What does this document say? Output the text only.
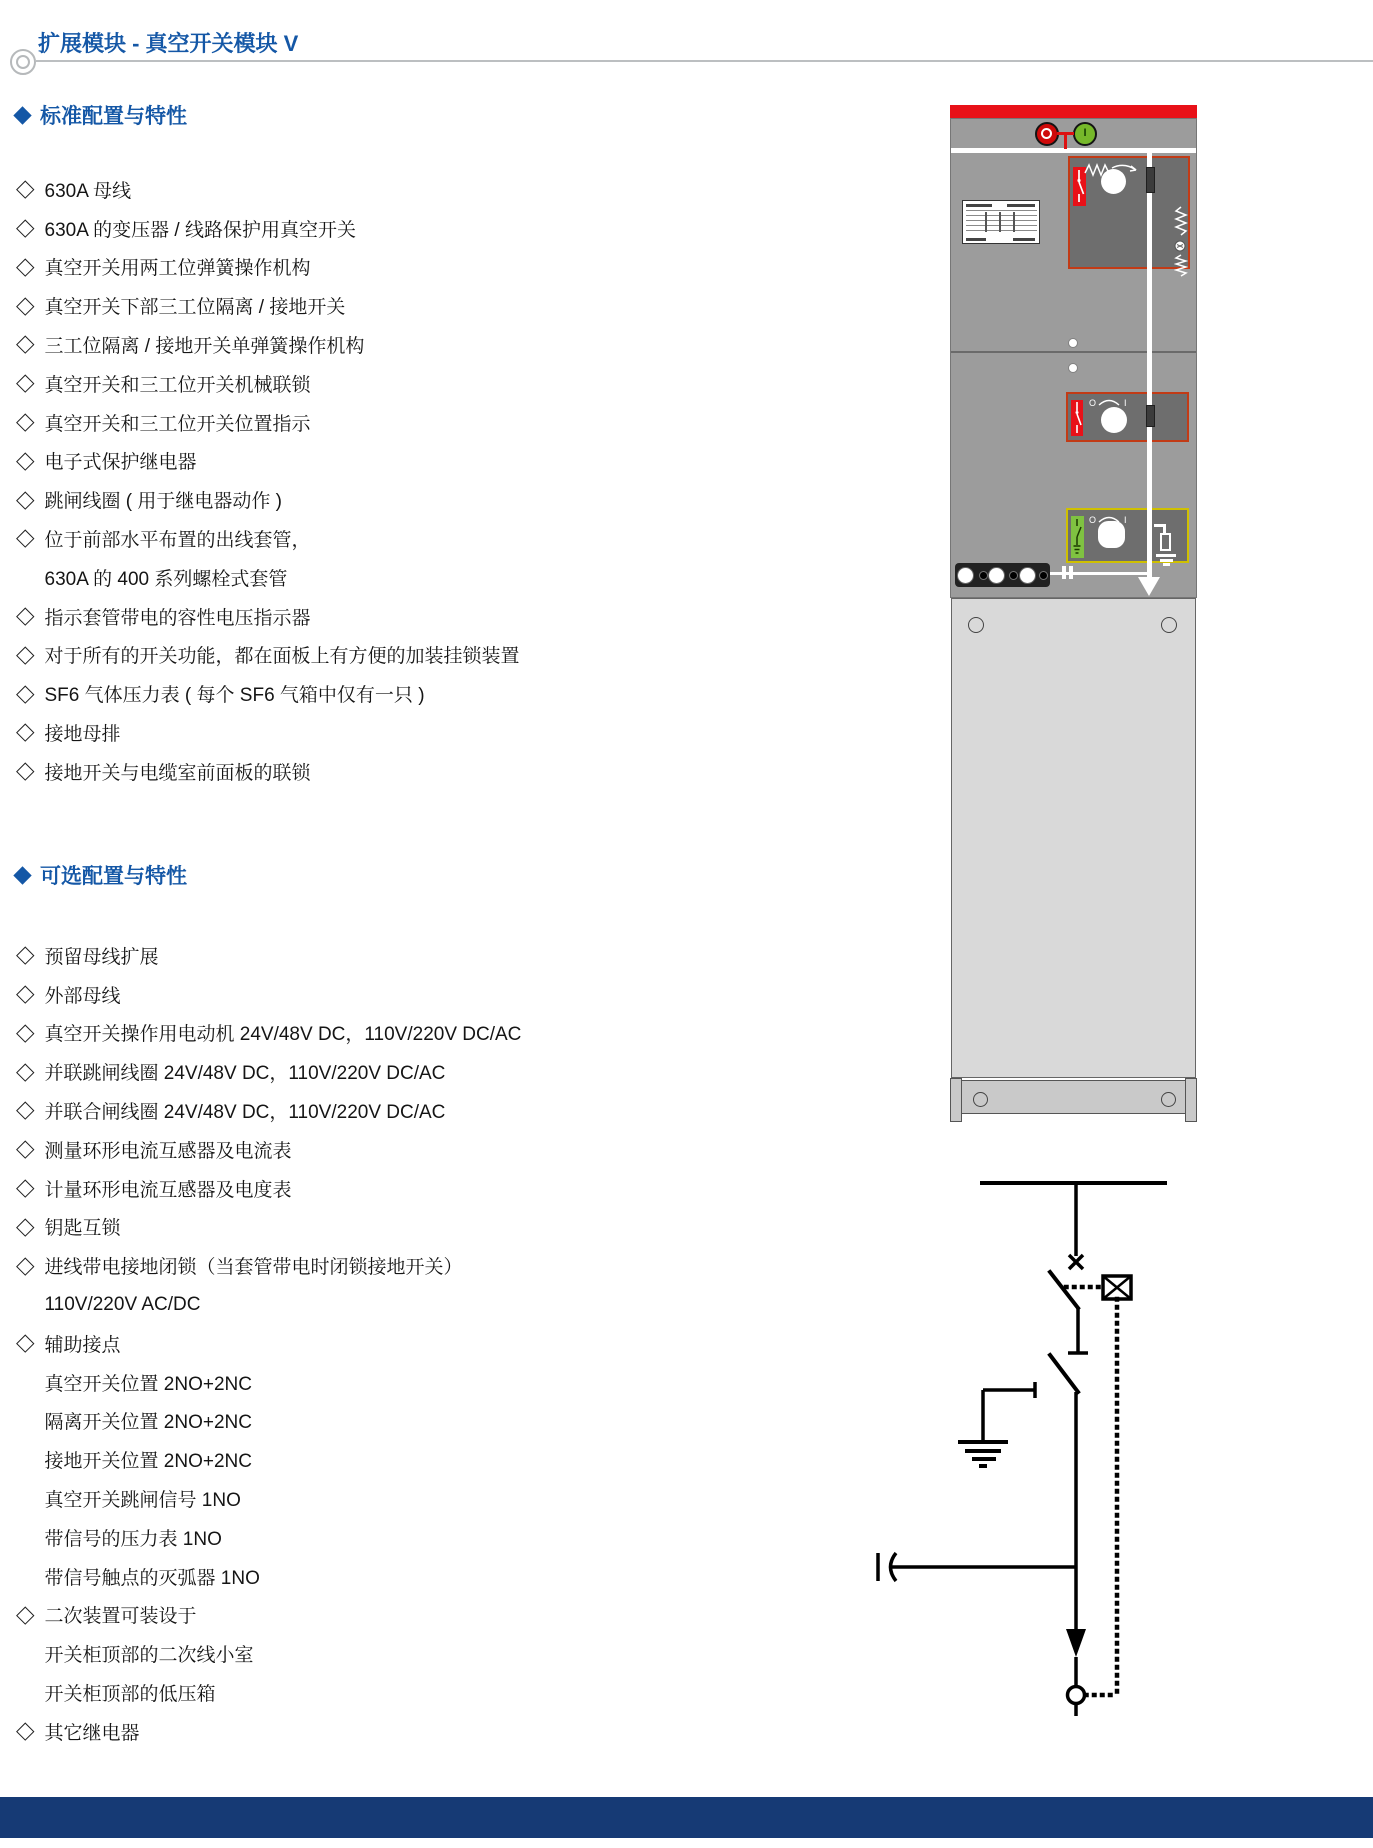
扩展模块 - 真空开关模块 V
标准配置与特性
630A 母线
630A 的变压器 / 线路保护用真空开关
真空开关用两工位弹簧操作机构
真空开关下部三工位隔离 / 接地开关
三工位隔离 / 接地开关单弹簧操作机构
真空开关和三工位开关机械联锁
真空开关和三工位开关位置指示
电子式保护继电器
跳闸线圈 ( 用于继电器动作 )
位于前部水平布置的出线套管，
630A 的 400 系列螺栓式套管
指示套管带电的容性电压指示器
对于所有的开关功能，都在面板上有方便的加装挂锁装置
SF6 气体压力表 ( 每个 SF6 气箱中仅有一只 )
接地母排
接地开关与电缆室前面板的联锁
可选配置与特性
预留母线扩展
外部母线
真空开关操作用电动机 24V/48V DC，110V/220V DC/AC
并联跳闸线圈 24V/48V DC，110V/220V DC/AC
并联合闸线圈 24V/48V DC，110V/220V DC/AC
测量环形电流互感器及电流表
计量环形电流互感器及电度表
钥匙互锁
进线带电接地闭锁（当套管带电时闭锁接地开关）
110V/220V AC/DC
辅助接点
真空开关位置 2NO+2NC
隔离开关位置 2NO+2NC
接地开关位置 2NO+2NC
真空开关跳闸信号 1NO
带信号的压力表 1NO
带信号触点的灭弧器 1NO
二次装置可装设于
开关柜顶部的二次线小室
开关柜顶部的低压箱
其它继电器
I
O	I
O	I
